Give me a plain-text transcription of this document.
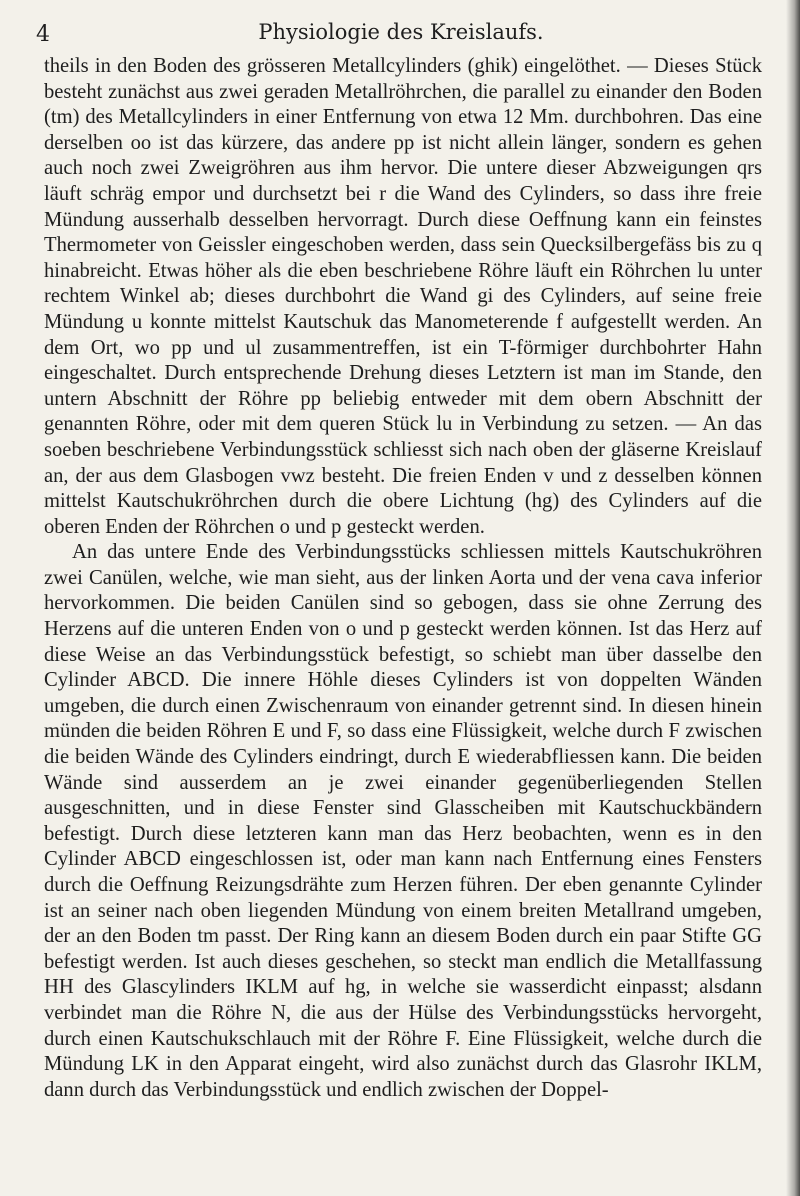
4	Physiologie des Kreislaufs.

theils in den Boden des grösseren Metallcylinders (ghik) eingelöthet. — Dieses Stück besteht zunächst aus zwei geraden Metallröhrchen, die parallel zu einander den Boden (tm) des Metallcylinders in einer Entfernung von etwa 12 Mm. durchbohren. Das eine derselben oo ist das kürzere, das andere pp ist nicht allein länger, sondern es gehen auch noch zwei Zweigröhren aus ihm hervor. Die untere dieser Abzweigungen qrs läuft schräg empor und durchsetzt bei r die Wand des Cylinders, so dass ihre freie Mündung ausserhalb desselben hervorragt. Durch diese Oeffnung kann ein feinstes Thermometer von Geissler eingeschoben werden, dass sein Quecksilbergefäss bis zu q hinabreicht. Etwas höher als die eben beschriebene Röhre läuft ein Röhrchen lu unter rechtem Winkel ab; dieses durchbohrt die Wand gi des Cylinders, auf seine freie Mündung u konnte mittelst Kautschuk das Manometerende f aufgestellt werden. An dem Ort, wo pp und ul zusammentreffen, ist ein T-förmiger durchbohrter Hahn eingeschaltet. Durch entsprechende Drehung dieses Letztern ist man im Stande, den untern Abschnitt der Röhre pp beliebig entweder mit dem obern Abschnitt der genannten Röhre, oder mit dem queren Stück lu in Verbindung zu setzen. — An das soeben beschriebene Verbindungsstück schliesst sich nach oben der gläserne Kreislauf an, der aus dem Glasbogen vwz besteht. Die freien Enden v und z desselben können mittelst Kautschukröhrchen durch die obere Lichtung (hg) des Cylinders auf die oberen Enden der Röhrchen o und p gesteckt werden.

An das untere Ende des Verbindungsstücks schliessen mittels Kautschukröhren zwei Canülen, welche, wie man sieht, aus der linken Aorta und der vena cava inferior hervorkommen. Die beiden Canülen sind so gebogen, dass sie ohne Zerrung des Herzens auf die unteren Enden von o und p gesteckt werden können. Ist das Herz auf diese Weise an das Verbindungsstück befestigt, so schiebt man über dasselbe den Cylinder ABCD. Die innere Höhle dieses Cylinders ist von doppelten Wänden umgeben, die durch einen Zwischenraum von einander getrennt sind. In diesen hinein münden die beiden Röhren E und F, so dass eine Flüssigkeit, welche durch F zwischen die beiden Wände des Cylinders eindringt, durch E wiederabfliessen kann. Die beiden Wände sind ausserdem an je zwei einander gegenüberliegenden Stellen ausgeschnitten, und in diese Fenster sind Glasscheiben mit Kautschuckbändern befestigt. Durch diese letzteren kann man das Herz beobachten, wenn es in den Cylinder ABCD eingeschlossen ist, oder man kann nach Entfernung eines Fensters durch die Oeffnung Reizungsdrähte zum Herzen führen. Der eben genannte Cylinder ist an seiner nach oben liegenden Mündung von einem breiten Metallrand umgeben, der an den Boden tm passt. Der Ring kann an diesem Boden durch ein paar Stifte GG befestigt werden. Ist auch dieses geschehen, so steckt man endlich die Metallfassung HH des Glascylinders IKLM auf hg, in welche sie wasserdicht einpasst; alsdann verbindet man die Röhre N, die aus der Hülse des Verbindungsstücks hervorgeht, durch einen Kautschukschlauch mit der Röhre F. Eine Flüssigkeit, welche durch die Mündung LK in den Apparat eingeht, wird also zunächst durch das Glasrohr IKLM, dann durch das Verbindungsstück und endlich zwischen der Doppel-
